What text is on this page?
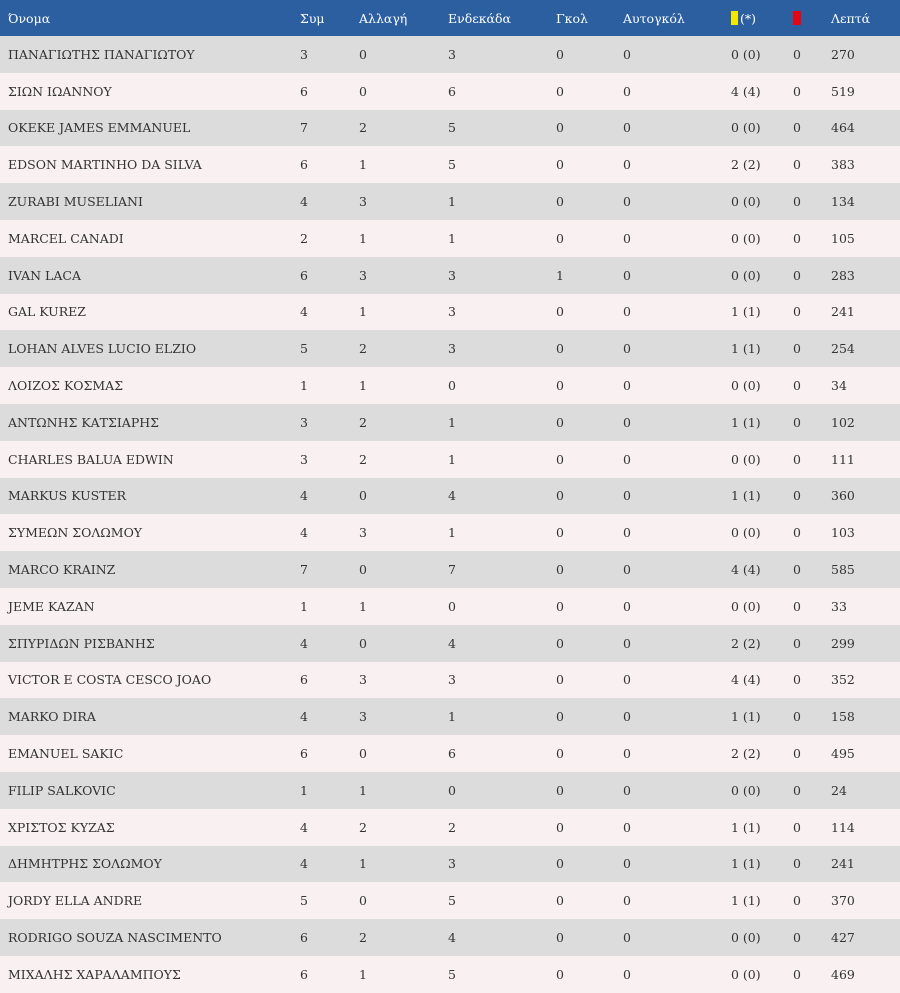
Όνομα	Συμ	Αλλαγή	Ενδεκάδα	Γκολ	Αυτογκόλ	(*)		Λεπτά
ΠΑΝΑΓΙΩΤΗΣ ΠΑΝΑΓΙΩΤΟΥ	3	0	3	0	0	0 (0)	0	270
ΣΙΩΝ ΙΩΑΝΝΟΥ	6	0	6	0	0	4 (4)	0	519
OKEKE JAMES EMMANUEL	7	2	5	0	0	0 (0)	0	464
EDSON MARTINHO DA SILVA	6	1	5	0	0	2 (2)	0	383
ZURABI MUSELIANI	4	3	1	0	0	0 (0)	0	134
MARCEL CANADI	2	1	1	0	0	0 (0)	0	105
IVAN LACA	6	3	3	1	0	0 (0)	0	283
GAL KUREZ	4	1	3	0	0	1 (1)	0	241
LOHAN ALVES LUCIO ELZIO	5	2	3	0	0	1 (1)	0	254
ΛΟΙΖΟΣ ΚΟΣΜΑΣ	1	1	0	0	0	0 (0)	0	34
ΑΝΤΩΝΗΣ ΚΑΤΣΙΑΡΗΣ	3	2	1	0	0	1 (1)	0	102
CHARLES BALUA EDWIN	3	2	1	0	0	0 (0)	0	111
MARKUS KUSTER	4	0	4	0	0	1 (1)	0	360
ΣΥΜΕΩΝ ΣΟΛΩΜΟΥ	4	3	1	0	0	0 (0)	0	103
MARCO KRAINZ	7	0	7	0	0	4 (4)	0	585
JEME KAZAN	1	1	0	0	0	0 (0)	0	33
ΣΠΥΡΙΔΩΝ ΡΙΣΒΑΝΗΣ	4	0	4	0	0	2 (2)	0	299
VICTOR E COSTA CESCO JOAO	6	3	3	0	0	4 (4)	0	352
MARKO DIRA	4	3	1	0	0	1 (1)	0	158
EMANUEL SAKIC	6	0	6	0	0	2 (2)	0	495
FILIP SALKOVIC	1	1	0	0	0	0 (0)	0	24
ΧΡΙΣΤΟΣ ΚΥΖΑΣ	4	2	2	0	0	1 (1)	0	114
ΔΗΜΗΤΡΗΣ ΣΟΛΩΜΟΥ	4	1	3	0	0	1 (1)	0	241
JORDY ELLA ANDRE	5	0	5	0	0	1 (1)	0	370
RODRIGO SOUZA NASCIMENTO	6	2	4	0	0	0 (0)	0	427
ΜΙΧΑΛΗΣ ΧΑΡΑΛΑΜΠΟΥΣ	6	1	5	0	0	0 (0)	0	469
